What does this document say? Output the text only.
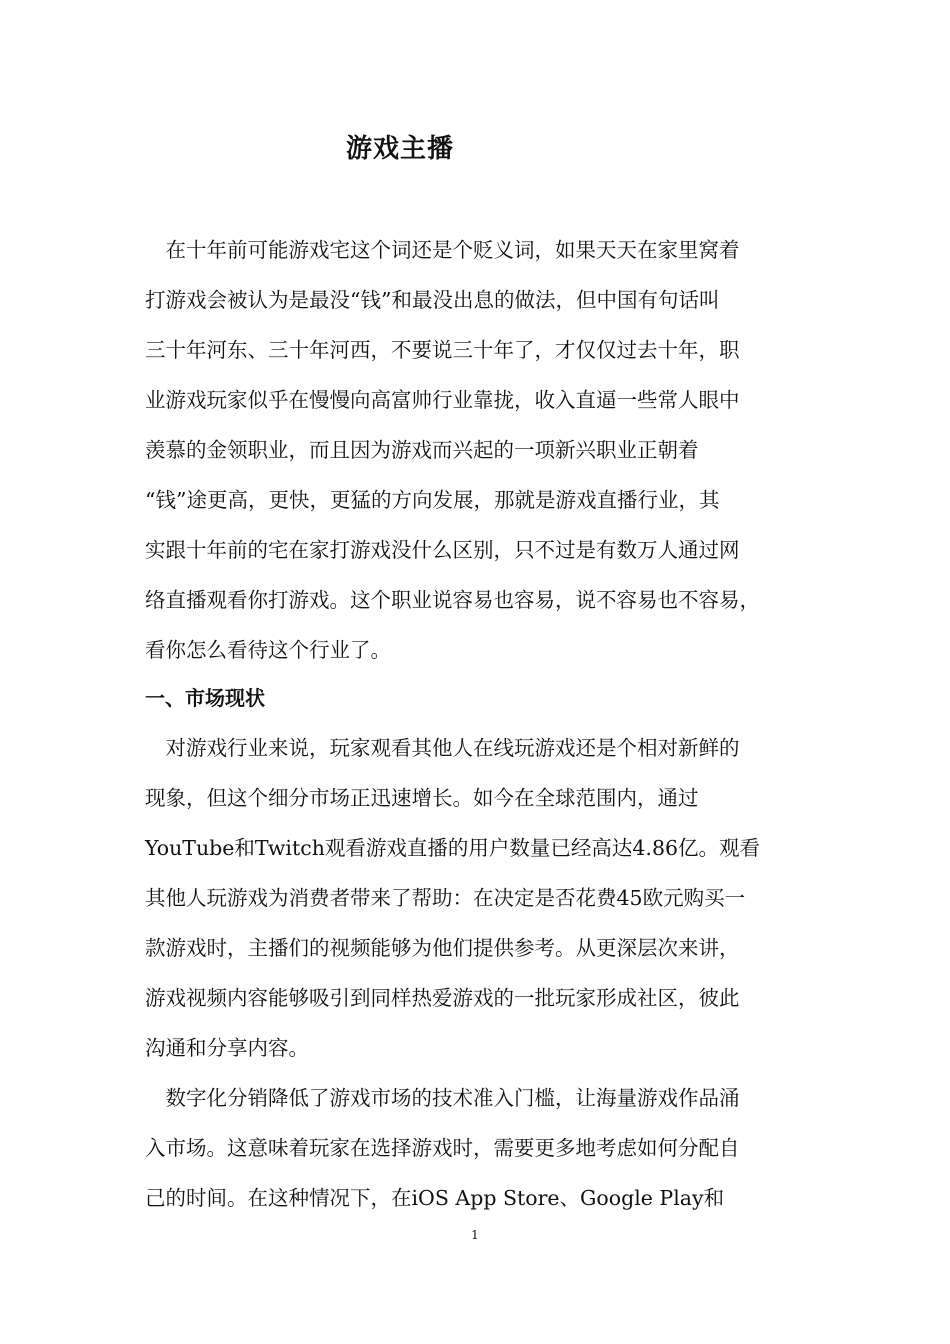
游戏主播
　在十年前可能游戏宅这个词还是个贬义词，如果天天在家里窝着
打游戏会被认为是最没“钱”和最没出息的做法，但中国有句话叫
三十年河东、三十年河西，不要说三十年了，才仅仅过去十年，职
业游戏玩家似乎在慢慢向高富帅行业靠拢，收入直逼一些常人眼中
羡慕的金领职业，而且因为游戏而兴起的一项新兴职业正朝着
“钱”途更高，更快，更猛的方向发展，那就是游戏直播行业，其
实跟十年前的宅在家打游戏没什么区别，只不过是有数万人通过网
络直播观看你打游戏。这个职业说容易也容易，说不容易也不容易，
看你怎么看待这个行业了。
一、市场现状
　对游戏行业来说，玩家观看其他人在线玩游戏还是个相对新鲜的
现象，但这个细分市场正迅速增长。如今在全球范围内，通过
YouTube和Twitch观看游戏直播的用户数量已经高达4.86亿。观看
其他人玩游戏为消费者带来了帮助：在决定是否花费45欧元购买一
款游戏时，主播们的视频能够为他们提供参考。从更深层次来讲，
游戏视频内容能够吸引到同样热爱游戏的一批玩家形成社区，彼此
沟通和分享内容。
　数字化分销降低了游戏市场的技术准入门槛，让海量游戏作品涌
入市场。这意味着玩家在选择游戏时，需要更多地考虑如何分配自
己的时间。在这种情况下，在iOS App Store、Google Play和
1
